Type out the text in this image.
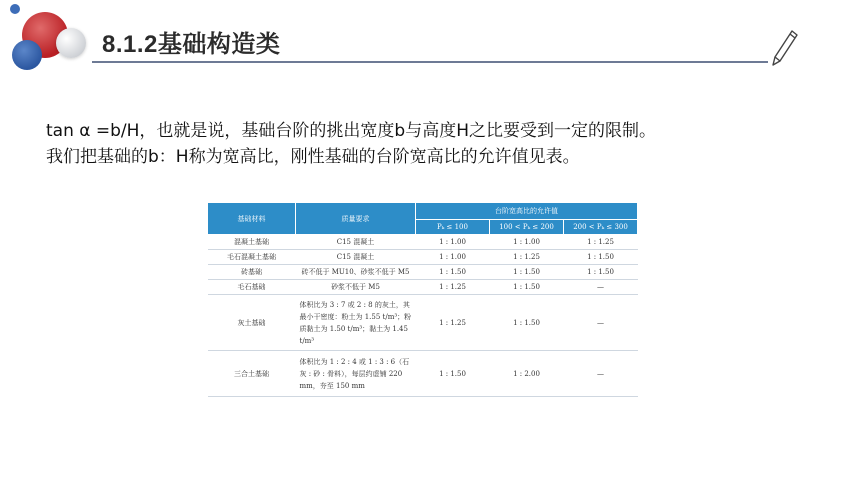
8.1.2基础构造类
tan α =b/H，也就是说，基础台阶的挑出宽度b与高度H之比要受到一定的限制。
我们把基础的b：H称为宽高比，刚性基础的台阶宽高比的允许值见表。
基础材料	质量要求	台阶宽高比的允许值		
		Pₖ ≤ 100	100 < Pₖ ≤ 200	200 < Pₖ ≤ 300
混凝土基础	C15 混凝土	1 : 1.00	1 : 1.00	1 : 1.25
毛石混凝土基础	C15 混凝土	1 : 1.00	1 : 1.25	1 : 1.50
砖基础	砖不低于 MU10、砂浆不低于 M5	1 : 1.50	1 : 1.50	1 : 1.50
毛石基础	砂浆不低于 M5	1 : 1.25	1 : 1.50	—
灰土基础	体积比为 3 : 7 或 2 : 8 的灰土，其最小干密度：粉土为 1.55 t/m³；粉质黏土为 1.50 t/m³；黏土为 1.45 t/m³	1 : 1.25	1 : 1.50	—
三合土基础	体积比为 1 : 2 : 4 或 1 : 3 : 6（石灰 : 砂 : 骨料），每层约虚铺 220 mm，夯至 150 mm	1 : 1.50	1 : 2.00	—
